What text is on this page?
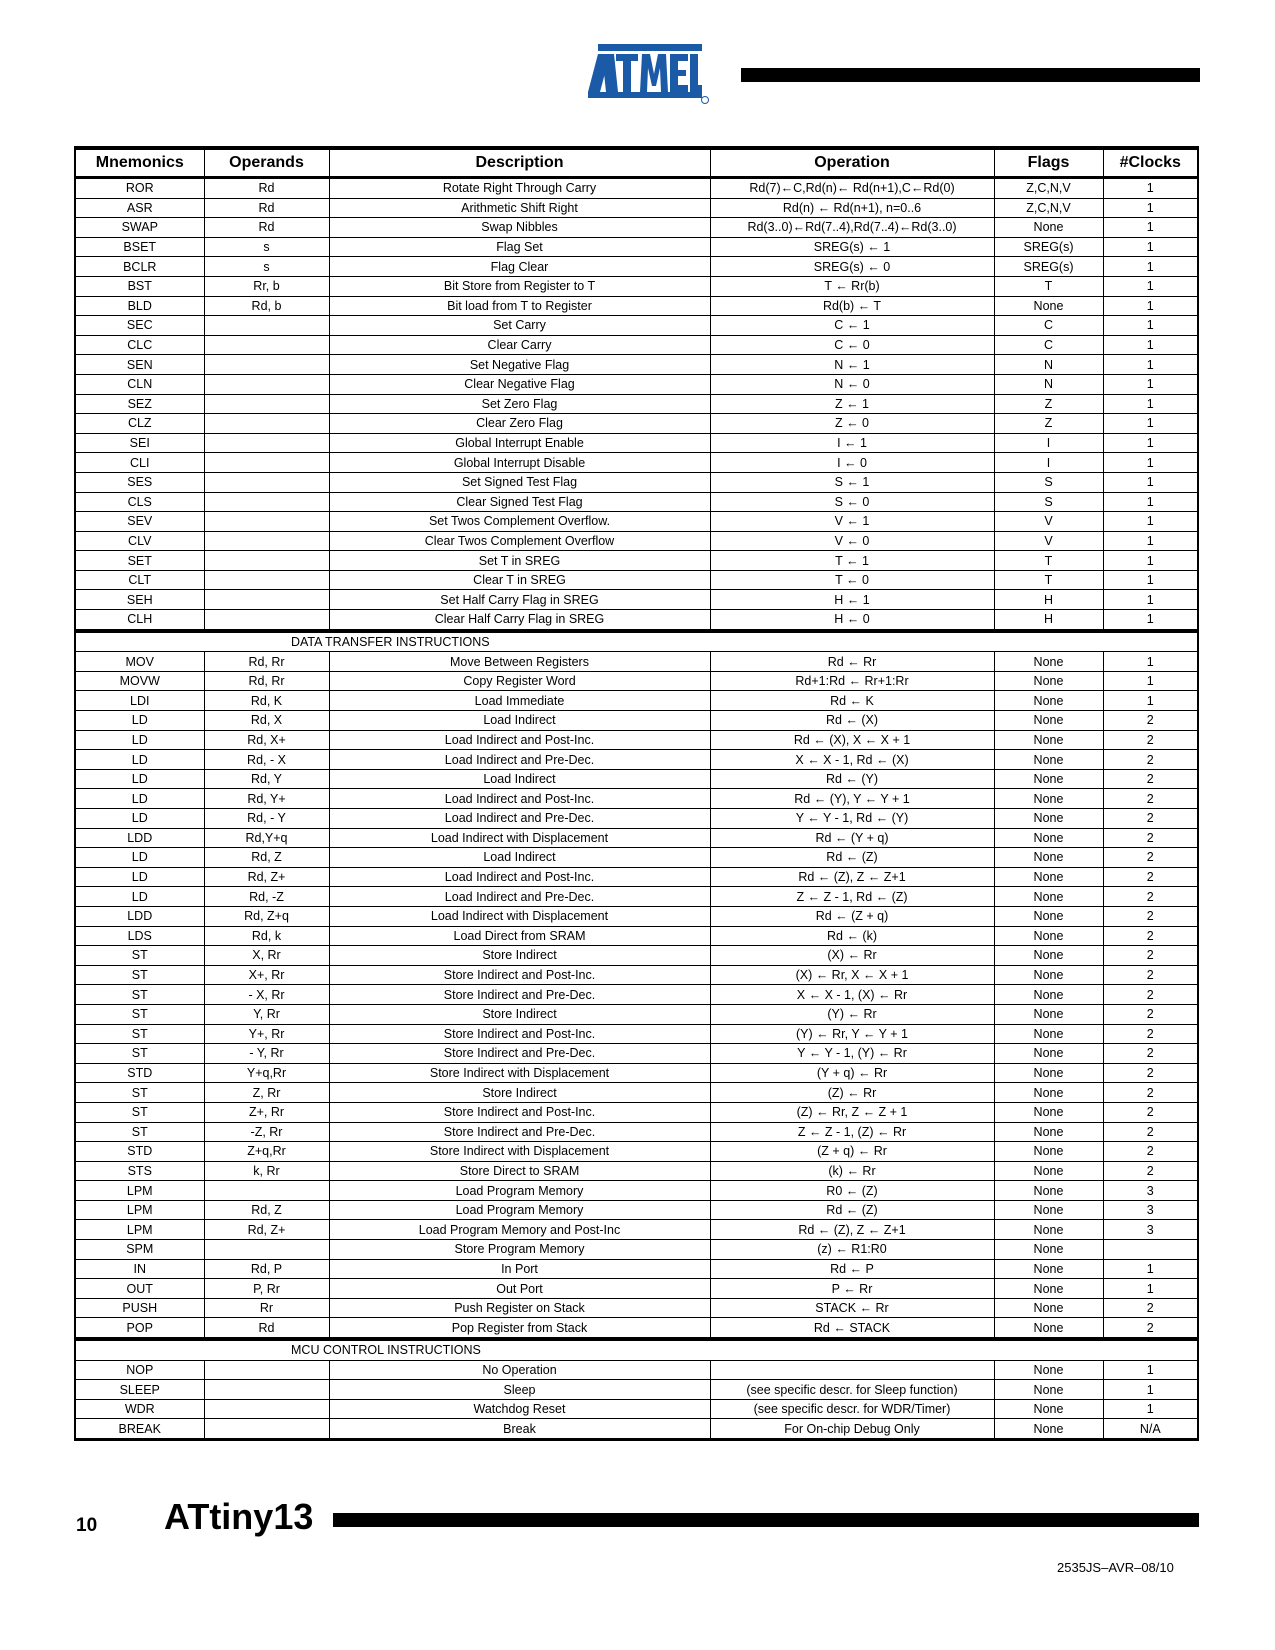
Mnemonics	Operands	Description	Operation	Flags	#Clocks
ROR	Rd	Rotate Right Through Carry	Rd(7)←C,Rd(n)← Rd(n+1),C←Rd(0)	Z,C,N,V	1
ASR	Rd	Arithmetic Shift Right	Rd(n) ← Rd(n+1), n=0..6	Z,C,N,V	1
SWAP	Rd	Swap Nibbles	Rd(3..0)←Rd(7..4),Rd(7..4)←Rd(3..0)	None	1
BSET	s	Flag Set	SREG(s) ← 1	SREG(s)	1
BCLR	s	Flag Clear	SREG(s) ← 0	SREG(s)	1
BST	Rr, b	Bit Store from Register to T	T ← Rr(b)	T	1
BLD	Rd, b	Bit load from T to Register	Rd(b) ← T	None	1
SEC		Set Carry	C ← 1	C	1
CLC		Clear Carry	C ← 0	C	1
SEN		Set Negative Flag	N ← 1	N	1
CLN		Clear Negative Flag	N ← 0	N	1
SEZ		Set Zero Flag	Z ← 1	Z	1
CLZ		Clear Zero Flag	Z ← 0	Z	1
SEI		Global Interrupt Enable	I ← 1	I	1
CLI		Global Interrupt Disable	I ← 0	I	1
SES		Set Signed Test Flag	S ← 1	S	1
CLS		Clear Signed Test Flag	S ← 0	S	1
SEV		Set Twos Complement Overflow.	V ← 1	V	1
CLV		Clear Twos Complement Overflow	V ← 0	V	1
SET		Set T in SREG	T ← 1	T	1
CLT		Clear T in SREG	T ← 0	T	1
SEH		Set Half Carry Flag in SREG	H ← 1	H	1
CLH		Clear Half Carry Flag in SREG	H ← 0	H	1
DATA TRANSFER INSTRUCTIONS					
MOV	Rd, Rr	Move Between Registers	Rd ← Rr	None	1
MOVW	Rd, Rr	Copy Register Word	Rd+1:Rd ← Rr+1:Rr	None	1
LDI	Rd, K	Load Immediate	Rd ← K	None	1
LD	Rd, X	Load Indirect	Rd ← (X)	None	2
LD	Rd, X+	Load Indirect and Post-Inc.	Rd ← (X), X ← X + 1	None	2
LD	Rd, - X	Load Indirect and Pre-Dec.	X ← X - 1, Rd ← (X)	None	2
LD	Rd, Y	Load Indirect	Rd ← (Y)	None	2
LD	Rd, Y+	Load Indirect and Post-Inc.	Rd ← (Y), Y ← Y + 1	None	2
LD	Rd, - Y	Load Indirect and Pre-Dec.	Y ← Y - 1, Rd ← (Y)	None	2
LDD	Rd,Y+q	Load Indirect with Displacement	Rd ← (Y + q)	None	2
LD	Rd, Z	Load Indirect	Rd ← (Z)	None	2
LD	Rd, Z+	Load Indirect and Post-Inc.	Rd ← (Z), Z ← Z+1	None	2
LD	Rd, -Z	Load Indirect and Pre-Dec.	Z ← Z - 1, Rd ← (Z)	None	2
LDD	Rd, Z+q	Load Indirect with Displacement	Rd ← (Z + q)	None	2
LDS	Rd, k	Load Direct from SRAM	Rd ← (k)	None	2
ST	X, Rr	Store Indirect	(X) ← Rr	None	2
ST	X+, Rr	Store Indirect and Post-Inc.	(X) ← Rr, X ← X + 1	None	2
ST	- X, Rr	Store Indirect and Pre-Dec.	X ← X - 1, (X) ← Rr	None	2
ST	Y, Rr	Store Indirect	(Y) ← Rr	None	2
ST	Y+, Rr	Store Indirect and Post-Inc.	(Y) ← Rr, Y ← Y + 1	None	2
ST	- Y, Rr	Store Indirect and Pre-Dec.	Y ← Y - 1, (Y) ← Rr	None	2
STD	Y+q,Rr	Store Indirect with Displacement	(Y + q) ← Rr	None	2
ST	Z, Rr	Store Indirect	(Z) ← Rr	None	2
ST	Z+, Rr	Store Indirect and Post-Inc.	(Z) ← Rr, Z ← Z + 1	None	2
ST	-Z, Rr	Store Indirect and Pre-Dec.	Z ← Z - 1, (Z) ← Rr	None	2
STD	Z+q,Rr	Store Indirect with Displacement	(Z + q) ← Rr	None	2
STS	k, Rr	Store Direct to SRAM	(k) ← Rr	None	2
LPM		Load Program Memory	R0 ← (Z)	None	3
LPM	Rd, Z	Load Program Memory	Rd ← (Z)	None	3
LPM	Rd, Z+	Load Program Memory and Post-Inc	Rd ← (Z), Z ← Z+1	None	3
SPM		Store Program Memory	(z) ← R1:R0	None	
IN	Rd, P	In Port	Rd ← P	None	1
OUT	P, Rr	Out Port	P ← Rr	None	1
PUSH	Rr	Push Register on Stack	STACK ← Rr	None	2
POP	Rd	Pop Register from Stack	Rd ← STACK	None	2
MCU CONTROL INSTRUCTIONS					
NOP		No Operation		None	1
SLEEP		Sleep	(see specific descr. for Sleep function)	None	1
WDR		Watchdog Reset	(see specific descr. for WDR/Timer)	None	1
BREAK		Break	For On-chip Debug Only	None	N/A
10 ATtiny13
2535JS–AVR–08/10
